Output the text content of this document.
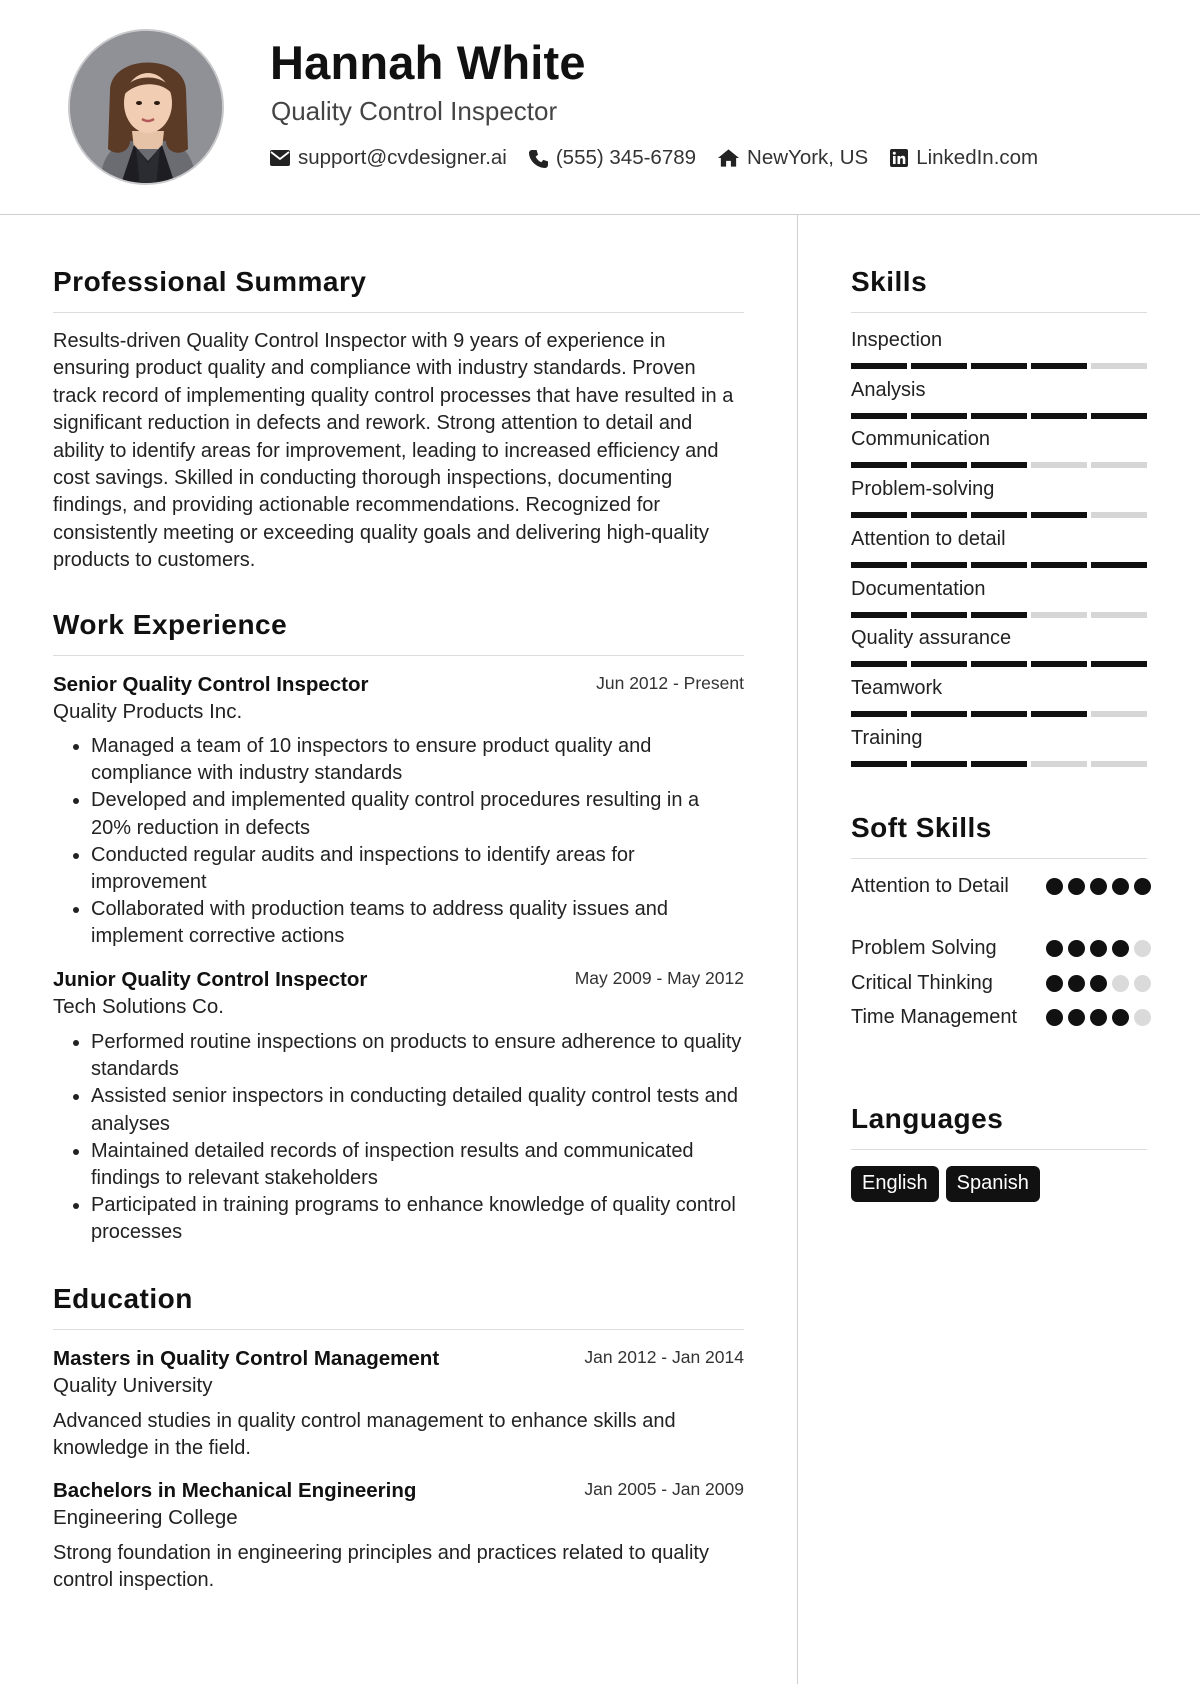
Hannah White
Quality Control Inspector
support@cvdesigner.ai (555) 345-6789 NewYork, US LinkedIn.com
Professional Summary

Results-driven Quality Control Inspector with 9 years of experience in ensuring product quality and compliance with industry standards. Proven track record of implementing quality control processes that have resulted in a significant reduction in defects and rework. Strong attention to detail and ability to identify areas for improvement, leading to increased efficiency and cost savings. Skilled in conducting thorough inspections, documenting findings, and providing actionable recommendations. Recognized for consistently meeting or exceeding quality goals and delivering high-quality products to customers.

Work Experience
Senior Quality Control Inspector	Jun 2012 - Present
Quality Products Inc.
• Managed a team of 10 inspectors to ensure product quality and compliance with industry standards
• Developed and implemented quality control procedures resulting in a 20% reduction in defects
• Conducted regular audits and inspections to identify areas for improvement
• Collaborated with production teams to address quality issues and implement corrective actions
Junior Quality Control Inspector	May 2009 - May 2012
Tech Solutions Co.
• Performed routine inspections on products to ensure adherence to quality standards
• Assisted senior inspectors in conducting detailed quality control tests and analyses
• Maintained detailed records of inspection results and communicated findings to relevant stakeholders
• Participated in training programs to enhance knowledge of quality control processes
Education
Masters in Quality Control Management	Jan 2012 - Jan 2014
Quality University

Advanced studies in quality control management to enhance skills and knowledge in the field.

Bachelors in Mechanical Engineering	Jan 2005 - Jan 2009
Engineering College

Strong foundation in engineering principles and practices related to quality control inspection.

Skills
Inspection
Analysis
Communication
Problem-solving
Attention to detail
Documentation
Quality assurance
Teamwork
Training
Soft Skills
Attention to Detail
Problem Solving
Critical Thinking
Time Management
Languages
English	Spanish
